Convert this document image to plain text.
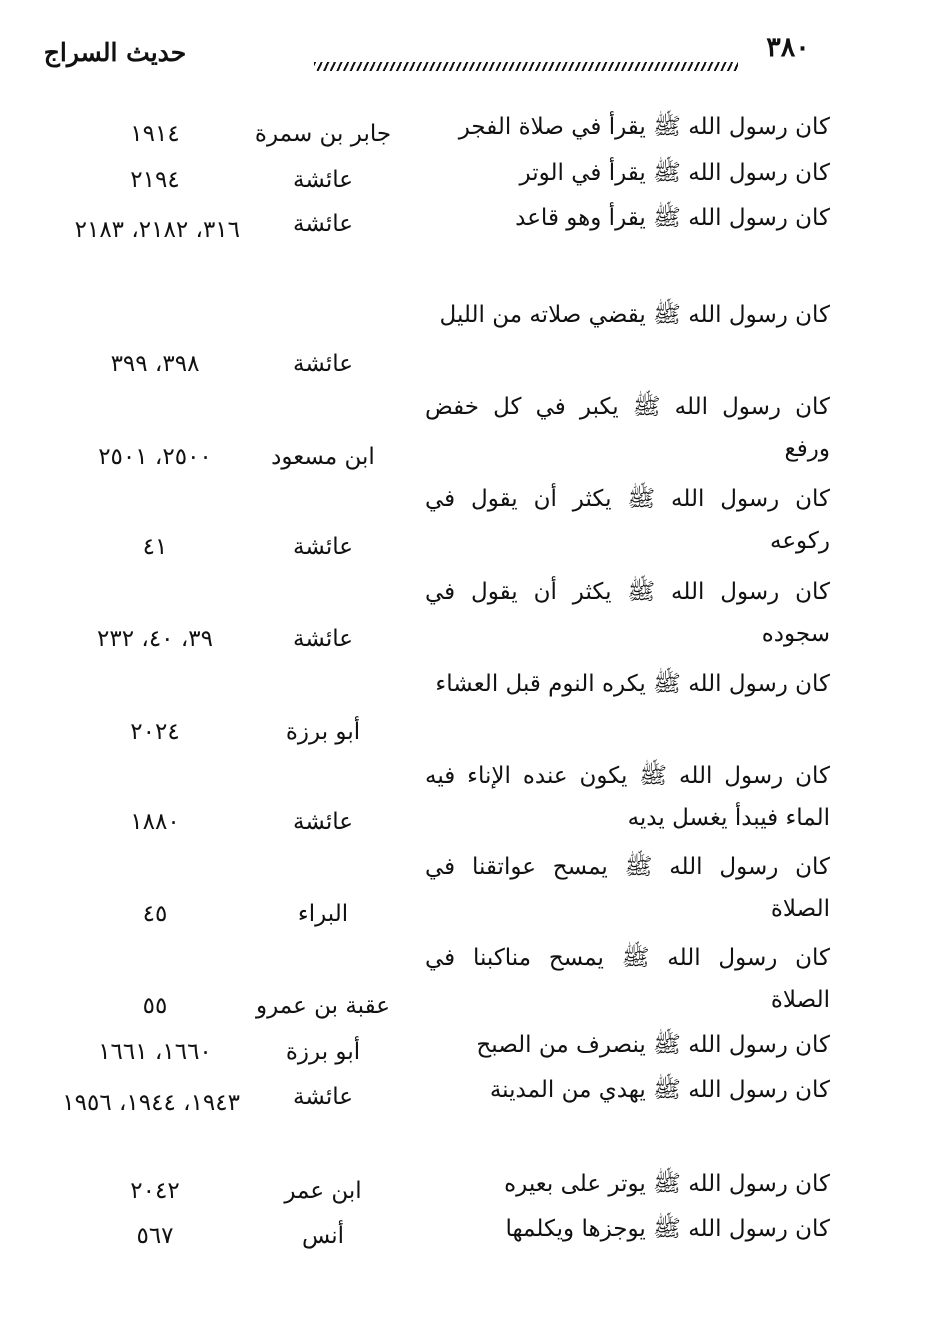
٣٨٠
حديث السراج
كان رسول الله ﷺ يقرأ في صلاة الفجر
جابر بن سمرة
١٩١٤
كان رسول الله ﷺ يقرأ في الوتر
عائشة
٢١٩٤
كان رسول الله ﷺ يقرأ وهو قاعد
عائشة
٣١٦، ٢١٨٢، ٢١٨٣
كان رسول الله ﷺ يقضي صلاته من الليل
عائشة
٣٩٨، ٣٩٩
كان رسول الله ﷺ يكبر في كل خفض ورفع
ابن مسعود
٢٥٠٠، ٢٥٠١
كان رسول الله ﷺ يكثر أن يقول في ركوعه
عائشة
٤١
كان رسول الله ﷺ يكثر أن يقول في سجوده
عائشة
٣٩، ٤٠، ٢٣٢
كان رسول الله ﷺ يكره النوم قبل العشاء
أبو برزة
٢٠٢٤
كان رسول الله ﷺ يكون عنده الإناء فيه الماء فيبدأ يغسل يديه
عائشة
١٨٨٠
كان رسول الله ﷺ يمسح عواتقنا في الصلاة
البراء
٤٥
كان رسول الله ﷺ يمسح مناكبنا في الصلاة
عقبة بن عمرو
٥٥
كان رسول الله ﷺ ينصرف من الصبح
أبو برزة
١٦٦٠، ١٦٦١
كان رسول الله ﷺ يهدي من المدينة
عائشة
١٩٤٣، ١٩٤٤، ١٩٥٦
كان رسول الله ﷺ يوتر على بعيره
ابن عمر
٢٠٤٢
كان رسول الله ﷺ يوجزها ويكلمها
أنس
٥٦٧
